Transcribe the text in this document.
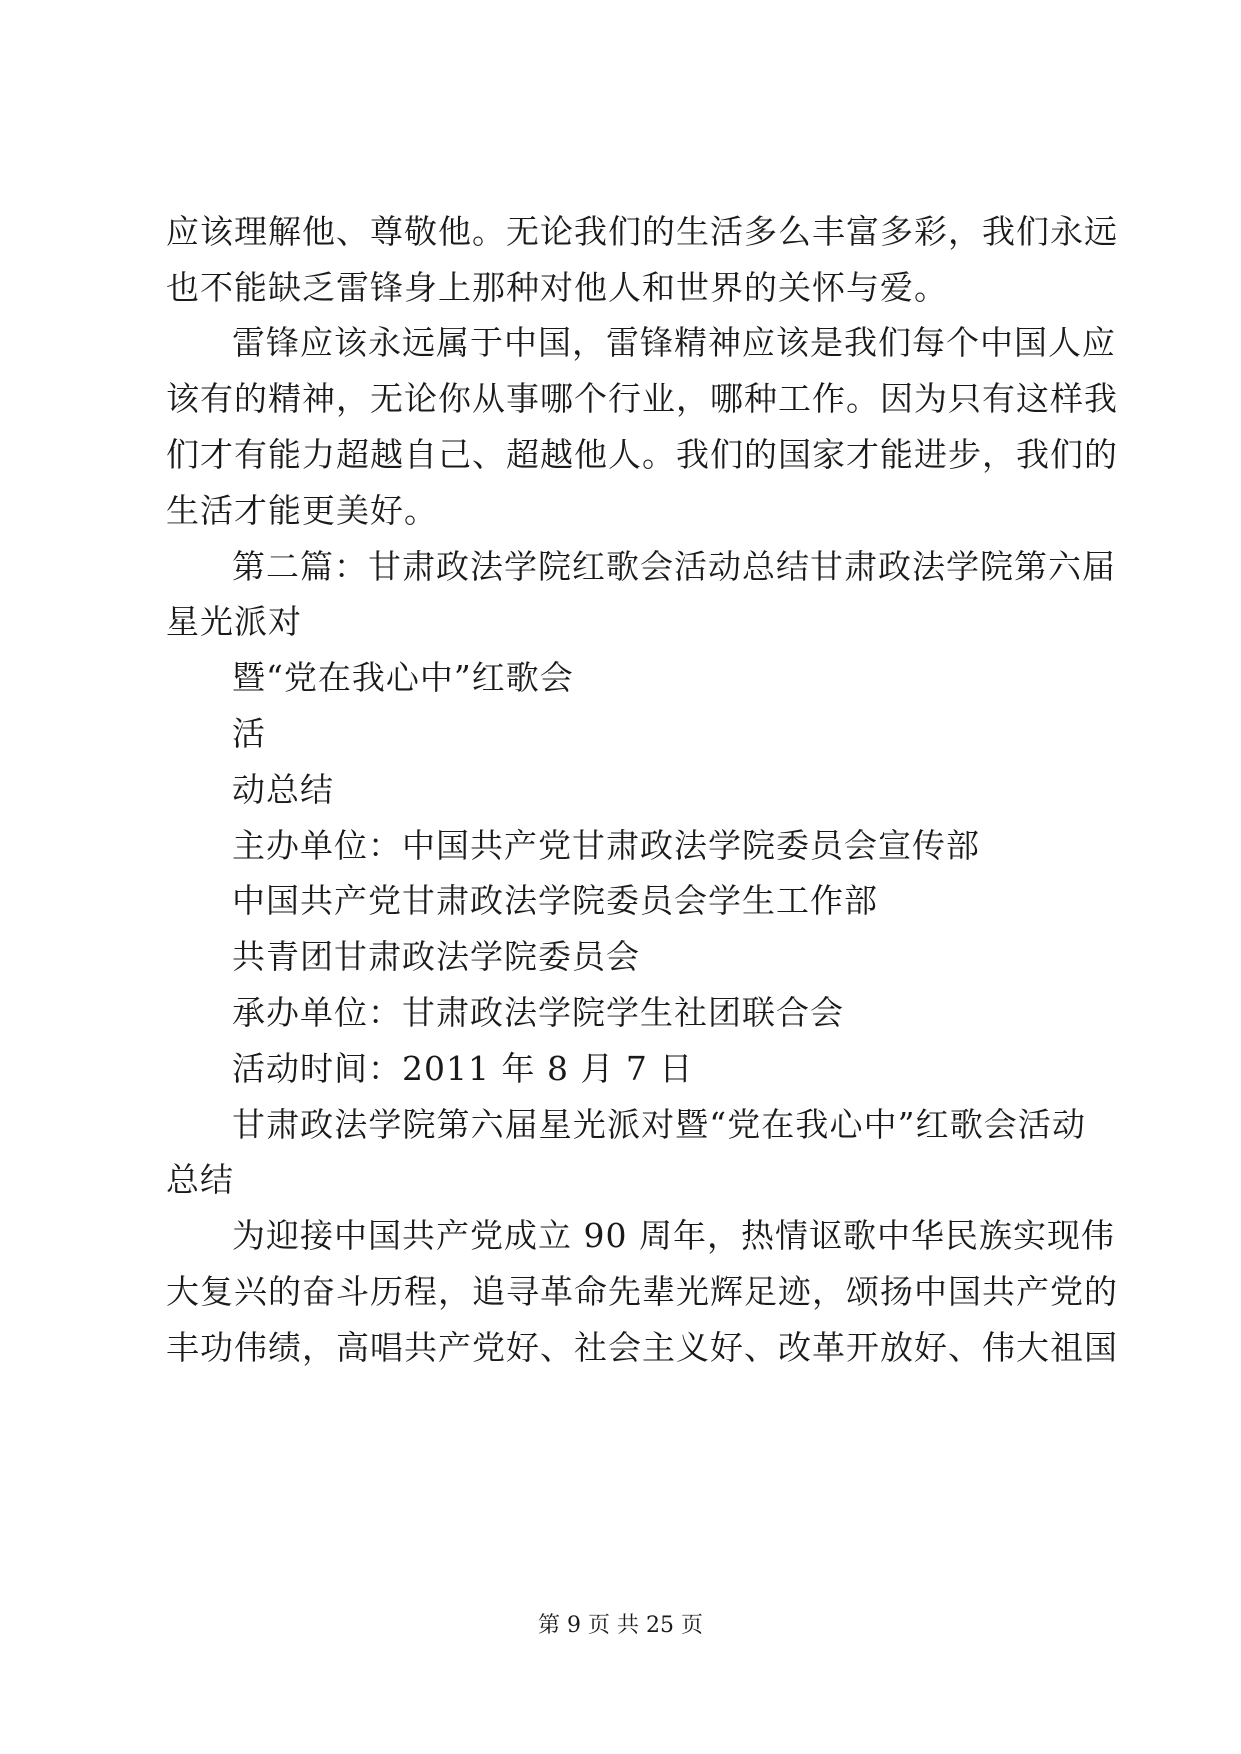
应该理解他、尊敬他。无论我们的生活多么丰富多彩，我们永远
也不能缺乏雷锋身上那种对他人和世界的关怀与爱。
雷锋应该永远属于中国，雷锋精神应该是我们每个中国人应
该有的精神，无论你从事哪个行业，哪种工作。因为只有这样我
们才有能力超越自己、超越他人。我们的国家才能进步，我们的
生活才能更美好。
第二篇：甘肃政法学院红歌会活动总结甘肃政法学院第六届
星光派对
暨“党在我心中”红歌会
活
动总结
主办单位：中国共产党甘肃政法学院委员会宣传部
中国共产党甘肃政法学院委员会学生工作部
共青团甘肃政法学院委员会
承办单位：甘肃政法学院学生社团联合会
活动时间：2011 年 8 月 7 日
甘肃政法学院第六届星光派对暨“党在我心中”红歌会活动
总结
为迎接中国共产党成立 90 周年，热情讴歌中华民族实现伟
大复兴的奋斗历程，追寻革命先辈光辉足迹，颂扬中国共产党的
丰功伟绩，高唱共产党好、社会主义好、改革开放好、伟大祖国
第 9 页 共 25 页
